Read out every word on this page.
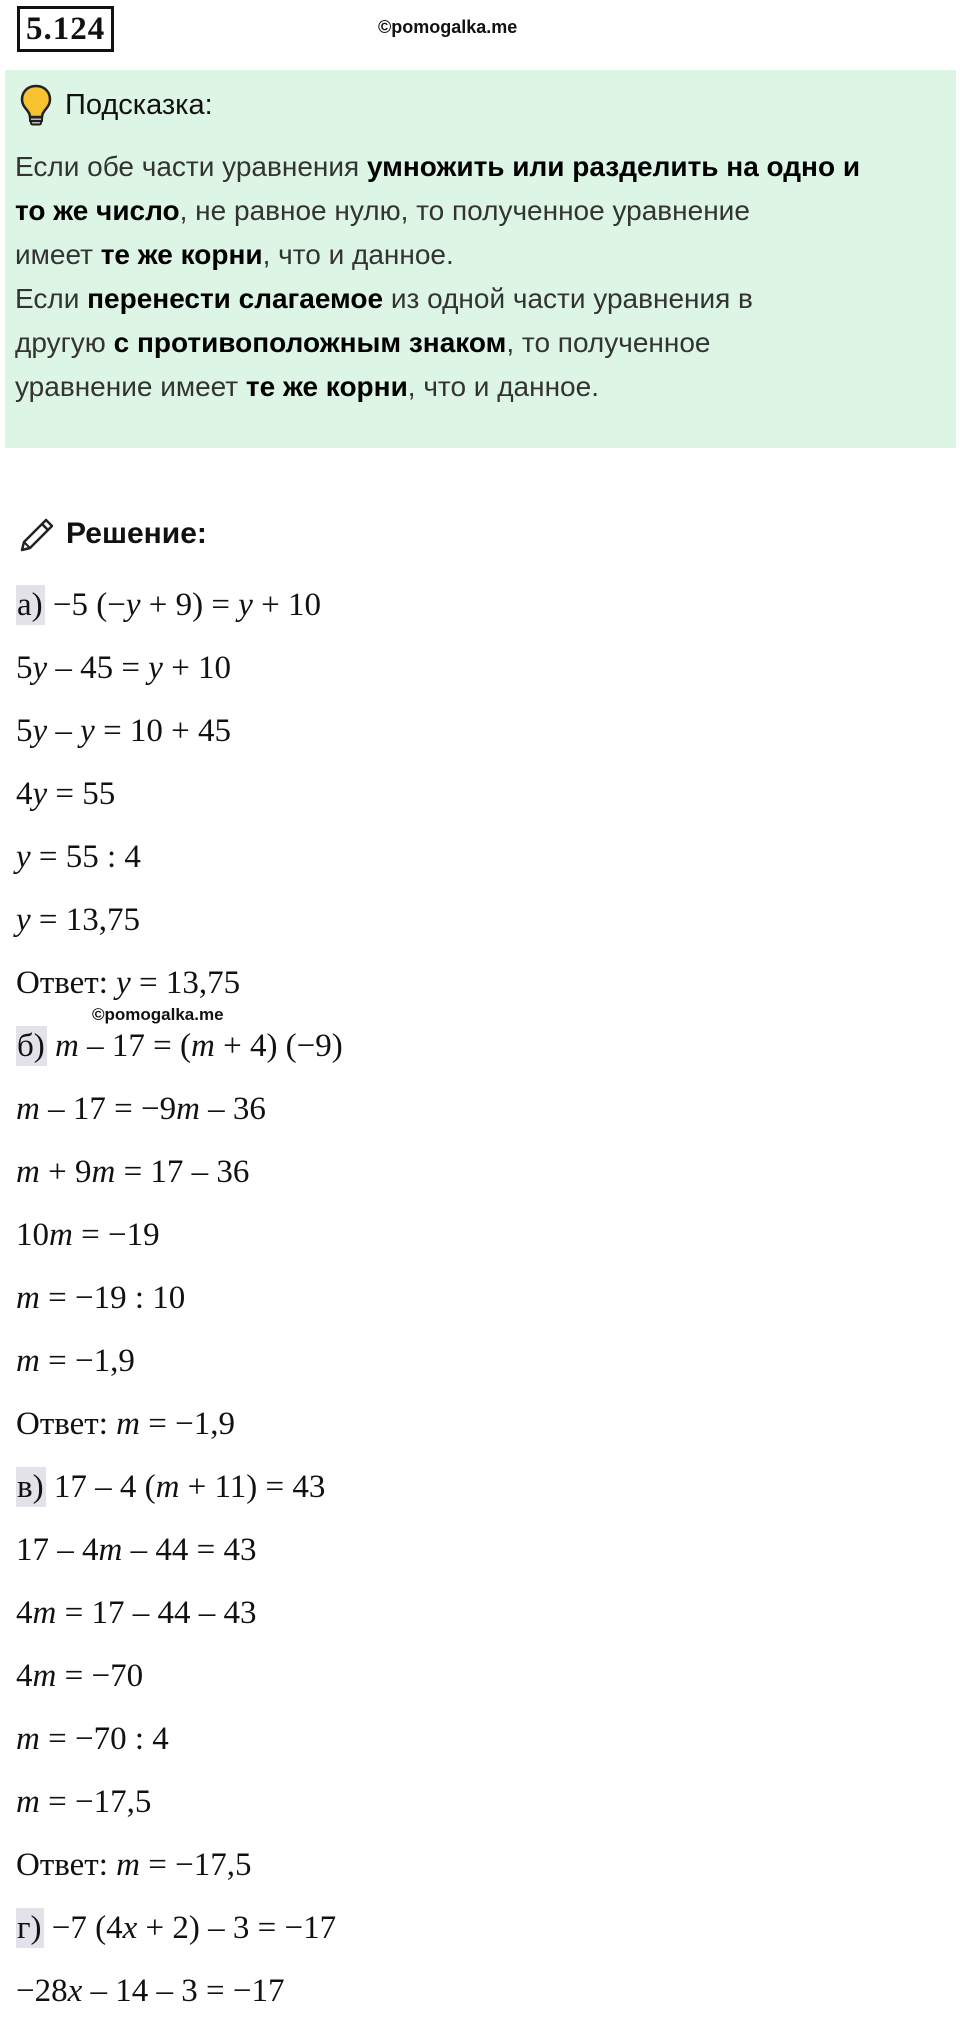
5.124	©pomogalka.me
Подсказка:
Если обе части уравнения умножить или разделить на одно и
то же число, не равное нулю, то полученное уравнение
имеет те же корни, что и данное.
Если перенести слагаемое из одной части уравнения в
другую с противоположным знаком, то полученное
уравнение имеет те же корни, что и данное.
Решение:
©pomogalka.me
а) −5 (−y + 9) = y + 10
5y – 45 = y + 10
5y – y = 10 + 45
4y = 55
y = 55 : 4
y = 13,75
Ответ: y = 13,75
б) m – 17 = (m + 4) (−9)
m – 17 = −9m – 36
m + 9m = 17 – 36
10m = −19
m = −19 : 10
m = −1,9
Ответ: m = −1,9
в) 17 – 4 (m + 11) = 43
17 – 4m – 44 = 43
4m = 17 – 44 – 43
4m = −70
m = −70 : 4
m = −17,5
Ответ: m = −17,5
г) −7 (4x + 2) – 3 = −17
−28x – 14 – 3 = −17
